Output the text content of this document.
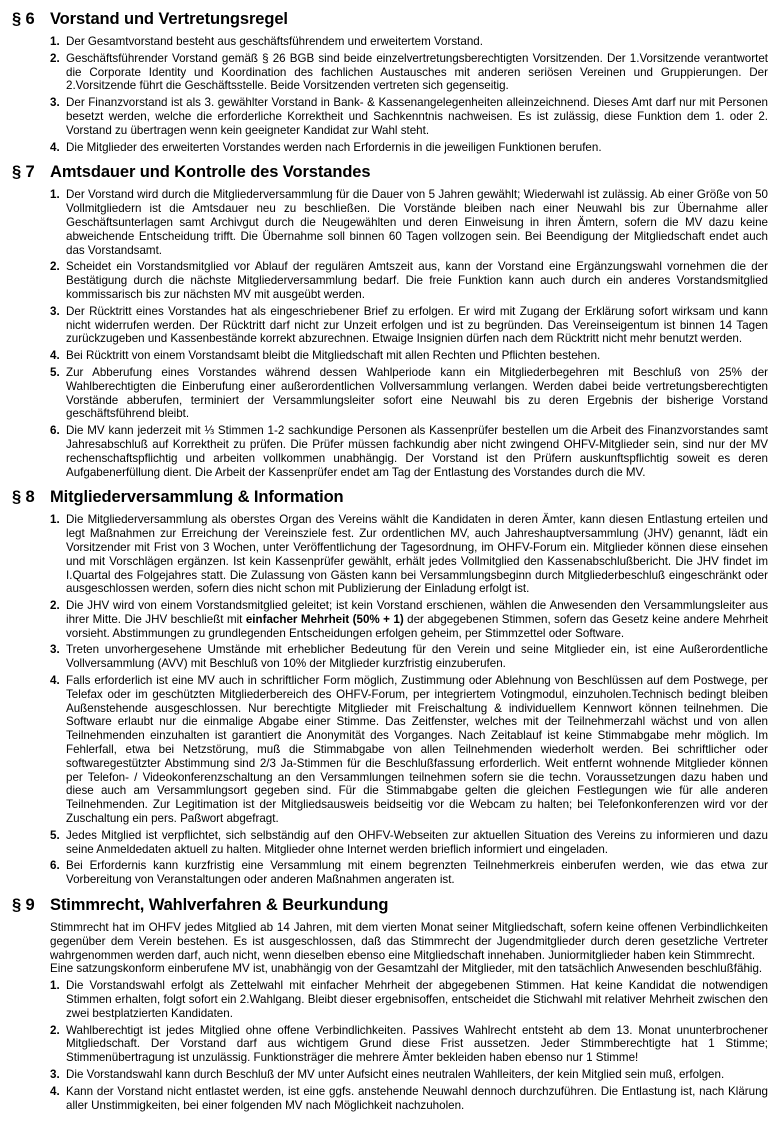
§ 6 Vorstand und Vertretungsregel
1. Der Gesamtvorstand besteht aus geschäftsführendem und erweitertem Vorstand.
2. Geschäftsführender Vorstand gemäß § 26 BGB sind beide einzelvertretungsberechtigten Vorsitzenden. Der 1.Vorsitzende verantwortet die Corporate Identity und Koordination des fachlichen Austausches mit anderen seriösen Vereinen und Gruppierungen. Der 2.Vorsitzende führt die Geschäftsstelle. Beide Vorsitzenden vertreten sich gegenseitig.
3. Der Finanzvorstand ist als 3. gewählter Vorstand in Bank- & Kassenangelegenheiten alleinzeichnend. Dieses Amt darf nur mit Personen besetzt werden, welche die erforderliche Korrektheit und Sachkenntnis nachweisen. Es ist zulässig, diese Funktion dem 1. oder 2. Vorstand zu übertragen wenn kein geeigneter Kandidat zur Wahl steht.
4. Die Mitglieder des erweiterten Vorstandes werden nach Erfordernis in die jeweiligen Funktionen berufen.
§ 7 Amtsdauer und Kontrolle des Vorstandes
1. Der Vorstand wird durch die Mitgliederversammlung für die Dauer von 5 Jahren gewählt; Wiederwahl ist zulässig. Ab einer Größe von 50 Vollmitgliedern ist die Amtsdauer neu zu beschließen. Die Vorstände bleiben nach einer Neuwahl bis zur Übernahme aller Geschäftsunterlagen samt Archivgut durch die Neugewählten und deren Einweisung in ihren Ämtern, sofern die MV dazu keine abweichende Entscheidung trifft. Die Übernahme soll binnen 60 Tagen vollzogen sein. Bei Beendigung der Mitgliedschaft endet auch das Vorstandsamt.
2. Scheidet ein Vorstandsmitglied vor Ablauf der regulären Amtszeit aus, kann der Vorstand eine Ergänzungswahl vornehmen die der Bestätigung durch die nächste Mitgliederversammlung bedarf. Die freie Funktion kann auch durch ein anderes Vorstandsmitglied kommissarisch bis zur nächsten MV mit ausgeübt werden.
3. Der Rücktritt eines Vorstandes hat als eingeschriebener Brief zu erfolgen. Er wird mit Zugang der Erklärung sofort wirksam und kann nicht widerrufen werden. Der Rücktritt darf nicht zur Unzeit erfolgen und ist zu begründen. Das Vereinseigentum ist binnen 14 Tagen zurückzugeben und Kassenbestände korrekt abzurechnen. Etwaige Insignien dürfen nach dem Rücktritt nicht mehr benutzt werden.
4. Bei Rücktritt von einem Vorstandsamt bleibt die Mitgliedschaft mit allen Rechten und Pflichten bestehen.
5. Zur Abberufung eines Vorstandes während dessen Wahlperiode kann ein Mitgliederbegehren mit Beschluß von 25% der Wahlberechtigten die Einberufung einer außerordentlichen Vollversammlung verlangen. Werden dabei beide vertretungsberechtigten Vorstände abberufen, terminiert der Versammlungsleiter sofort eine Neuwahl bis zu deren Ergebnis der bisherige Vorstand geschäftsführend bleibt.
6. Die MV kann jederzeit mit ⅓ Stimmen 1-2 sachkundige Personen als Kassenprüfer bestellen um die Arbeit des Finanzvorstandes samt Jahresabschluß auf Korrektheit zu prüfen. Die Prüfer müssen fachkundig aber nicht zwingend OHFV-Mitglieder sein, sind nur der MV rechenschaftspflichtig und arbeiten vollkommen unabhängig. Der Vorstand ist den Prüfern auskunftspflichtig soweit es deren Aufgabenerfüllung dient. Die Arbeit der Kassenprüfer endet am Tag der Entlastung des Vorstandes durch die MV.
§ 8 Mitgliederversammlung & Information
1. Die Mitgliederversammlung als oberstes Organ des Vereins wählt die Kandidaten in deren Ämter, kann diesen Entlastung erteilen und legt Maßnahmen zur Erreichung der Vereinsziele fest. Zur ordentlichen MV, auch Jahreshauptversammlung (JHV) genannt, lädt ein Vorsitzender mit Frist von 3 Wochen, unter Veröffentlichung der Tagesordnung, im OHFV-Forum ein. Mitglieder können diese einsehen und mit Vorschlägen ergänzen. Ist kein Kassenprüfer gewählt, erhält jedes Vollmitglied den Kassenabschlußbericht. Die JHV findet im I.Quartal des Folgejahres statt. Die Zulassung von Gästen kann bei Versammlungsbeginn durch Mitgliederbeschluß eingeschränkt oder ausgeschlossen werden, sofern dies nicht schon mit Publizierung der Einladung erfolgt ist.
2. Die JHV wird von einem Vorstandsmitglied geleitet; ist kein Vorstand erschienen, wählen die Anwesenden den Versammlungsleiter aus ihrer Mitte. Die JHV beschließt mit einfacher Mehrheit (50% + 1) der abgegebenen Stimmen, sofern das Gesetz keine andere Mehrheit vorsieht. Abstimmungen zu grundlegenden Entscheidungen erfolgen geheim, per Stimmzettel oder Software.
3. Treten unvorhergesehene Umstände mit erheblicher Bedeutung für den Verein und seine Mitglieder ein, ist eine Außerordentliche Vollversammlung (AVV) mit Beschluß von 10% der Mitglieder kurzfristig einzuberufen.
4. Falls erforderlich ist eine MV auch in schriftlicher Form möglich, Zustimmung oder Ablehnung von Beschlüssen auf dem Postwege, per Telefax oder im geschützten Mitgliederbereich des OHFV-Forum, per integriertem Votingmodul, einzuholen.Technisch bedingt bleiben Außenstehende ausgeschlossen. Nur berechtigte Mitglieder mit Freischaltung & individuellem Kennwort können teilnehmen. Die Software erlaubt nur die einmalige Abgabe einer Stimme. Das Zeitfenster, welches mit der Teilnehmerzahl wächst und von allen Teilnehmenden einzuhalten ist garantiert die Anonymität des Vorganges. Nach Zeitablauf ist keine Stimmabgabe mehr möglich. Im Fehlerfall, etwa bei Netzstörung, muß die Stimmabgabe von allen Teilnehmenden wiederholt werden. Bei schriftlicher oder softwaregestützter Abstimmung sind 2/3 Ja-Stimmen für die Beschlußfassung erforderlich. Weit entfernt wohnende Mitglieder können per Telefon- / Videokonferenzschaltung an den Versammlungen teilnehmen sofern sie die techn. Voraussetzungen dazu haben und diese auch am Versammlungsort gegeben sind. Für die Stimmabgabe gelten die gleichen Festlegungen wie für alle anderen Teilnehmenden. Zur Legitimation ist der Mitgliedsausweis beidseitig vor die Webcam zu halten; bei Telefonkonferenzen wird vor der Zuschaltung ein pers. Paßwort abgefragt.
5. Jedes Mitglied ist verpflichtet, sich selbständig auf den OHFV-Webseiten zur aktuellen Situation des Vereins zu informieren und dazu seine Anmeldedaten aktuell zu halten. Mitglieder ohne Internet werden brieflich informiert und eingeladen.
6. Bei Erfordernis kann kurzfristig eine Versammlung mit einem begrenzten Teilnehmerkreis einberufen werden, wie das etwa zur Vorbereitung von Veranstaltungen oder anderen Maßnahmen angeraten ist.
§ 9 Stimmrecht, Wahlverfahren & Beurkundung
Stimmrecht hat im OHFV jedes Mitglied ab 14 Jahren, mit dem vierten Monat seiner Mitgliedschaft, sofern keine offenen Verbindlichkeiten gegenüber dem Verein bestehen. Es ist ausgeschlossen, daß das Stimmrecht der Jugendmitglieder durch deren gesetzliche Vertreter wahrgenommen werden darf, auch nicht, wenn dieselben ebenso eine Mitgliedschaft innehaben. Juniormitglieder haben kein Stimmrecht.
Eine satzungskonform einberufene MV ist, unabhängig von der Gesamtzahl der Mitglieder, mit den tatsächlich Anwesenden beschlußfähig.
1. Die Vorstandswahl erfolgt als Zettelwahl mit einfacher Mehrheit der abgegebenen Stimmen. Hat keine Kandidat die notwendigen Stimmen erhalten, folgt sofort ein 2.Wahlgang. Bleibt dieser ergebnisoffen, entscheidet die Stichwahl mit relativer Mehrheit zwischen den zwei bestplatzierten Kandidaten.
2. Wahlberechtigt ist jedes Mitglied ohne offene Verbindlichkeiten. Passives Wahlrecht entsteht ab dem 13. Monat ununterbrochener Mitgliedschaft. Der Vorstand darf aus wichtigem Grund diese Frist aussetzen. Jeder Stimmberechtigte hat 1 Stimme; Stimmenübertragung ist unzulässig. Funktionsträger die mehrere Ämter bekleiden haben ebenso nur 1 Stimme!
3. Die Vorstandswahl kann durch Beschluß der MV unter Aufsicht eines neutralen Wahlleiters, der kein Mitglied sein muß, erfolgen.
4. Kann der Vorstand nicht entlastet werden, ist eine ggfs. anstehende Neuwahl dennoch durchzuführen. Die Entlastung ist, nach Klärung aller Unstimmigkeiten, bei einer folgenden MV nach Möglichkeit nachzuholen.
